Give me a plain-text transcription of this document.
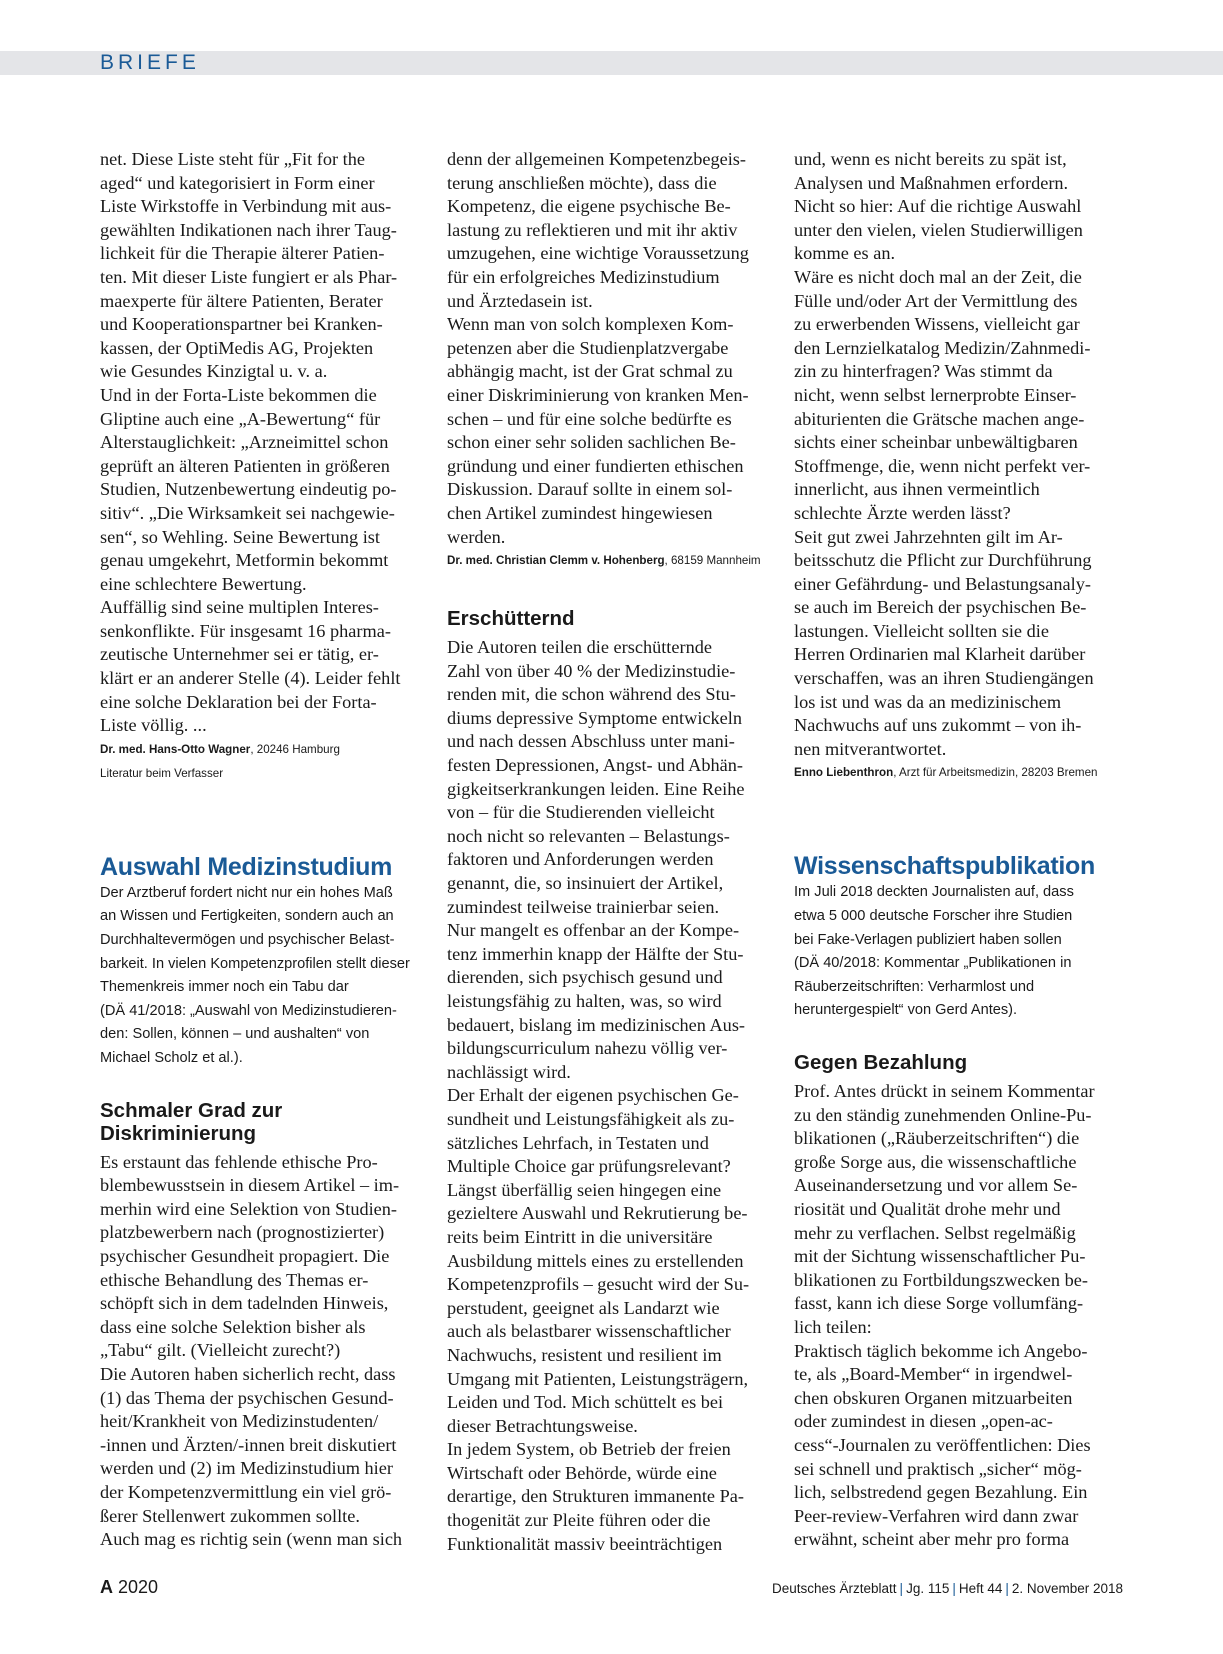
BRIEFE

net. Diese Liste steht für „Fit for the
aged“ und kategorisiert in Form einer
Liste Wirkstoffe in Verbindung mit aus-
gewählten Indikationen nach ihrer Taug-
lichkeit für die Therapie älterer Patien-
ten. Mit dieser Liste fungiert er als Phar-
maexperte für ältere Patienten, Berater
und Kooperationspartner bei Kranken-
kassen, der OptiMedis AG, Projekten
wie Gesundes Kinzigtal u. v. a.
Und in der Forta-Liste bekommen die
Gliptine auch eine „A-Bewertung“ für
Alterstauglichkeit: „Arzneimittel schon
geprüft an älteren Patienten in größeren
Studien, Nutzenbewertung eindeutig po-
sitiv“. „Die Wirksamkeit sei nachgewie-
sen“, so Wehling. Seine Bewertung ist
genau umgekehrt, Metformin bekommt
eine schlechtere Bewertung.
Auffällig sind seine multiplen Interes-
senkonflikte. Für insgesamt 16 pharma-
zeutische Unternehmer sei er tätig, er-
klärt er an anderer Stelle (4). Leider fehlt
eine solche Deklaration bei der Forta-
Liste völlig. ...

Dr. med. Hans-Otto Wagner, 20246 Hamburg
Literatur beim Verfasser
Auswahl Medizinstudium
Der Arztberuf fordert nicht nur ein hohes Maß
an Wissen und Fertigkeiten, sondern auch an
Durchhaltevermögen und psychischer Belast-
barkeit. In vielen Kompetenzprofilen stellt dieser
Themenkreis immer noch ein Tabu dar
(DÄ 41/2018: „Auswahl von Medizinstudieren-
den: Sollen, können – und aushalten“ von
Michael Scholz et al.).
Schmaler Grad zur
Diskriminierung

Es erstaunt das fehlende ethische Pro-
blembewusstsein in diesem Artikel – im-
merhin wird eine Selektion von Studien-
platzbewerbern nach (prognostizierter)
psychischer Gesundheit propagiert. Die
ethische Behandlung des Themas er-
schöpft sich in dem tadelnden Hinweis,
dass eine solche Selektion bisher als
„Tabu“ gilt. (Vielleicht zurecht?)
Die Autoren haben sicherlich recht, dass
(1) das Thema der psychischen Gesund-
heit/Krankheit von Medizinstudenten/
-innen und Ärzten/-innen breit diskutiert
werden und (2) im Medizinstudium hier
der Kompetenzvermittlung ein viel grö-
ßerer Stellenwert zukommen sollte.
Auch mag es richtig sein (wenn man sich

denn der allgemeinen Kompetenzbegeis-
terung anschließen möchte), dass die
Kompetenz, die eigene psychische Be-
lastung zu reflektieren und mit ihr aktiv
umzugehen, eine wichtige Voraussetzung
für ein erfolgreiches Medizinstudium
und Ärztedasein ist.
Wenn man von solch komplexen Kom-
petenzen aber die Studienplatzvergabe
abhängig macht, ist der Grat schmal zu
einer Diskriminierung von kranken Men-
schen – und für eine solche bedürfte es
schon einer sehr soliden sachlichen Be-
gründung und einer fundierten ethischen
Diskussion. Darauf sollte in einem sol-
chen Artikel zumindest hingewiesen
werden.

Dr. med. Christian Clemm v. Hohenberg, 68159 Mannheim
Erschütternd

Die Autoren teilen die erschütternde
Zahl von über 40 % der Medizinstudie-
renden mit, die schon während des Stu-
diums depressive Symptome entwickeln
und nach dessen Abschluss unter mani-
festen Depressionen, Angst- und Abhän-
gigkeitserkrankungen leiden. Eine Reihe
von – für die Studierenden vielleicht
noch nicht so relevanten – Belastungs-
faktoren und Anforderungen werden
genannt, die, so insinuiert der Artikel,
zumindest teilweise trainierbar seien.
Nur mangelt es offenbar an der Kompe-
tenz immerhin knapp der Hälfte der Stu-
dierenden, sich psychisch gesund und
leistungsfähig zu halten, was, so wird
bedauert, bislang im medizinischen Aus-
bildungscurriculum nahezu völlig ver-
nachlässigt wird.
Der Erhalt der eigenen psychischen Ge-
sundheit und Leistungsfähigkeit als zu-
sätzliches Lehrfach, in Testaten und
Multiple Choice gar prüfungsrelevant?
Längst überfällig seien hingegen eine
gezieltere Auswahl und Rekrutierung be-
reits beim Eintritt in die universitäre
Ausbildung mittels eines zu erstellenden
Kompetenzprofils – gesucht wird der Su-
perstudent, geeignet als Landarzt wie
auch als belastbarer wissenschaftlicher
Nachwuchs, resistent und resilient im
Umgang mit Patienten, Leistungsträgern,
Leiden und Tod. Mich schüttelt es bei
dieser Betrachtungsweise.
In jedem System, ob Betrieb der freien
Wirtschaft oder Behörde, würde eine
derartige, den Strukturen immanente Pa-
thogenität zur Pleite führen oder die
Funktionalität massiv beeinträchtigen

und, wenn es nicht bereits zu spät ist,
Analysen und Maßnahmen erfordern.
Nicht so hier: Auf die richtige Auswahl
unter den vielen, vielen Studierwilligen
komme es an.
Wäre es nicht doch mal an der Zeit, die
Fülle und/oder Art der Vermittlung des
zu erwerbenden Wissens, vielleicht gar
den Lernzielkatalog Medizin/Zahnmedi-
zin zu hinterfragen? Was stimmt da
nicht, wenn selbst lernerprobte Einser-
abiturienten die Grätsche machen ange-
sichts einer scheinbar unbewältigbaren
Stoffmenge, die, wenn nicht perfekt ver-
innerlicht, aus ihnen vermeintlich
schlechte Ärzte werden lässt?
Seit gut zwei Jahrzehnten gilt im Ar-
beitsschutz die Pflicht zur Durchführung
einer Gefährdung- und Belastungsanaly-
se auch im Bereich der psychischen Be-
lastungen. Vielleicht sollten sie die
Herren Ordinarien mal Klarheit darüber
verschaffen, was an ihren Studiengängen
los ist und was da an medizinischem
Nachwuchs auf uns zukommt – von ih-
nen mitverantwortet.

Enno Liebenthron, Arzt für Arbeitsmedizin, 28203 Bremen
Wissenschaftspublikation
Im Juli 2018 deckten Journalisten auf, dass
etwa 5 000 deutsche Forscher ihre Studien
bei Fake-Verlagen publiziert haben sollen
(DÄ 40/2018: Kommentar „Publikationen in
Räuberzeitschriften: Verharmlost und
heruntergespielt“ von Gerd Antes).
Gegen Bezahlung

Prof. Antes drückt in seinem Kommentar
zu den ständig zunehmenden Online-Pu-
blikationen („Räuberzeitschriften“) die
große Sorge aus, die wissenschaftliche
Auseinandersetzung und vor allem Se-
riosität und Qualität drohe mehr und
mehr zu verflachen. Selbst regelmäßig
mit der Sichtung wissenschaftlicher Pu-
blikationen zu Fortbildungszwecken be-
fasst, kann ich diese Sorge vollumfäng-
lich teilen:
Praktisch täglich bekomme ich Angebo-
te, als „Board-Member“ in irgendwel-
chen obskuren Organen mitzuarbeiten
oder zumindest in diesen „open-ac-
cess“-Journalen zu veröffentlichen: Dies
sei schnell und praktisch „sicher“ mög-
lich, selbstredend gegen Bezahlung. Ein
Peer-review-Verfahren wird dann zwar
erwähnt, scheint aber mehr pro forma

A 2020	Deutsches Ärzteblatt | Jg. 115 | Heft 44 | 2. November 2018
